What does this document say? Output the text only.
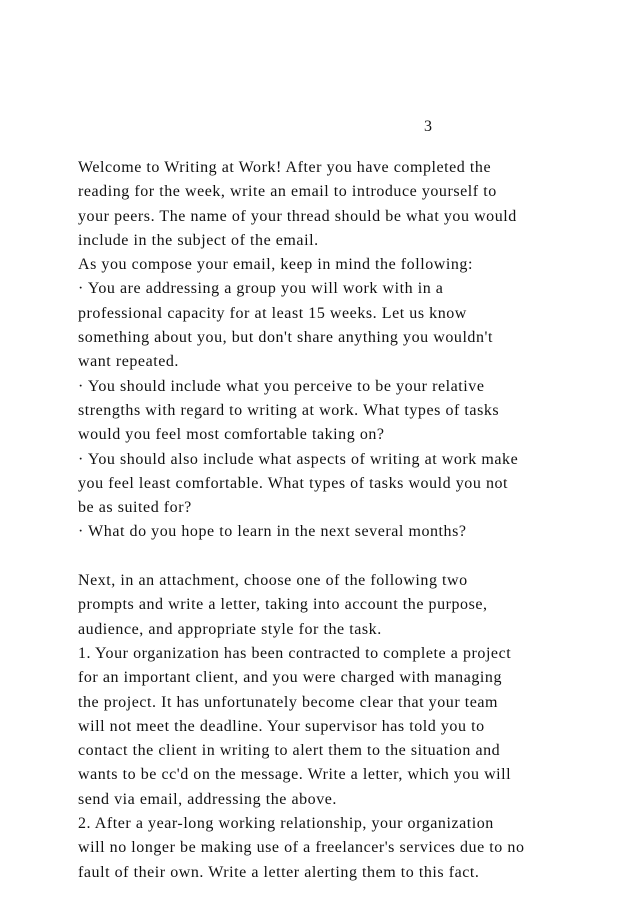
3
Welcome to Writing at Work! After you have completed the
reading for the week, write an email to introduce yourself to
your peers. The name of your thread should be what you would
include in the subject of the email.
As you compose your email, keep in mind the following:
· You are addressing a group you will work with in a
professional capacity for at least 15 weeks. Let us know
something about you, but don't share anything you wouldn't
want repeated.
· You should include what you perceive to be your relative
strengths with regard to writing at work. What types of tasks
would you feel most comfortable taking on?
· You should also include what aspects of writing at work make
you feel least comfortable. What types of tasks would you not
be as suited for?
· What do you hope to learn in the next several months?
Next, in an attachment, choose one of the following two
prompts and write a letter, taking into account the purpose,
audience, and appropriate style for the task.
1. Your organization has been contracted to complete a project
for an important client, and you were charged with managing
the project. It has unfortunately become clear that your team
will not meet the deadline. Your supervisor has told you to
contact the client in writing to alert them to the situation and
wants to be cc'd on the message. Write a letter, which you will
send via email, addressing the above.
2. After a year-long working relationship, your organization
will no longer be making use of a freelancer's services due to no
fault of their own. Write a letter alerting them to this fact.
